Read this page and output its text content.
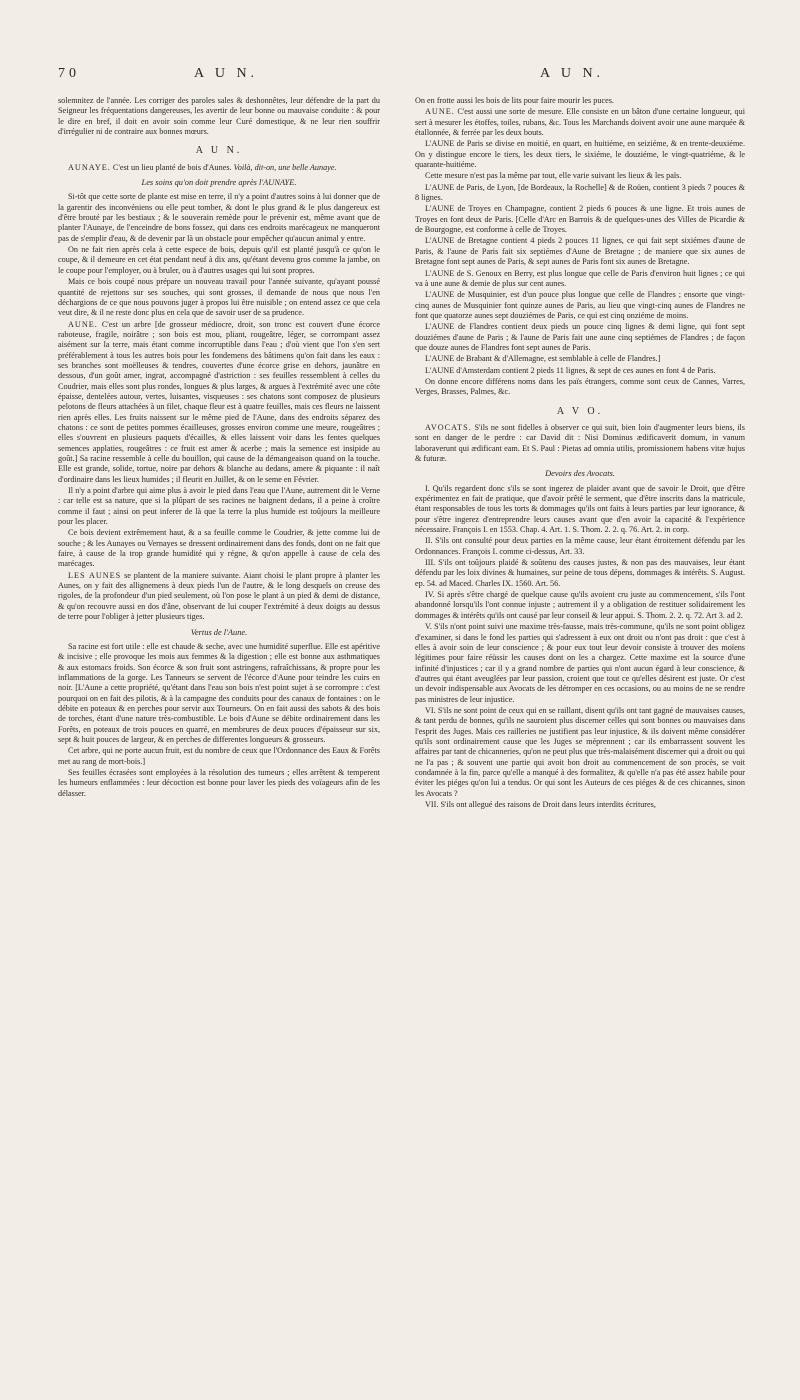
70	A U N.	A U N.

solemnitez de l'année. Les corriger des paroles sales & deshonnêtes, leur défendre de la part du Seigneur les fréquentations dangereuses, les avertir de leur bonne ou mauvaise conduite : & pour le dire en bref, il doit en avoir soin comme leur Curé domestique, & ne leur rien souffrir d'irrégulier ni de contraire aux bonnes mœurs.

A U N.

AUNAYE. C'est un lieu planté de bois d'Aunes. Voilà, dit-on, une belle Aunaye.

Les soins qu'on doit prendre après l'AUNAYE.

Si-tôt que cette sorte de plante est mise en terre, il n'y a point d'autres soins à lui donner que de la garentir des inconvéniens ou elle peut tomber, & dont le plus grand & le plus dangereux est d'être brouté par les bestiaux ; & le souverain remède pour le prévenir est, même avant que de planter l'Aunaye, de l'enceindre de bons fossez, qui dans ces endroits marécageux ne manqueront pas de s'emplir d'eau, & de devenir par là un obstacle pour empêcher qu'aucun animal y entre.

On ne fait rien après cela à cette espece de bois, depuis qu'il est planté jusqu'à ce qu'on le coupe, & il demeure en cet état pendant neuf à dix ans, qu'étant devenu gros comme la jambe, on le coupe pour l'employer, ou à bruler, ou à d'autres usages qui lui sont propres.

Mais ce bois coupé nous prépare un nouveau travail pour l'année suivante, qu'ayant poussé quantité de rejettons sur ses souches, qui sont grosses, il demande de nous que nous l'en déchargions de ce que nous pouvons juger à propos lui être nuisible ; on entend assez ce que cela veut dire, & il ne reste donc plus en cela que de savoir user de sa prudence.

AUNE. C'est un arbre [de grosseur médiocre, droit, son tronc est couvert d'une écorce raboteuse, fragile, noirâtre ; son bois est mou, pliant, rougeâtre, léger, se corrompant assez aisément sur la terre, mais étant comme incorruptible dans l'eau ; d'où vient que l'on s'en sert préférablement à tous les autres bois pour les fondemens des bâtimens qu'on fait dans les eaux : ses branches sont moëlleuses & tendres, couvertes d'une écorce grise en dehors, jaunâtre en dessous, d'un goût amer, ingrat, accompagné d'astriction : ses feuilles ressemblent à celles du Coudrier, mais elles sont plus rondes, longues & plus larges, & argues à l'extrémité avec une côte épaisse, dentelées autour, vertes, luisantes, visqueuses : ses chatons sont composez de plusieurs pelotons de fleurs attachées à un filet, chaque fleur est à quatre feuilles, mais ces fleurs ne laissent rien après elles. Les fruits naissent sur le même pied de l'Aune, dans des endroits séparez des chatons : ce sont de petites pommes écailleuses, grosses environ comme une meure, rougeâtres ; elles s'ouvrent en plusieurs paquets d'écailles, & elles laissent voir dans les fentes quelques semences applaties, rougeâtres : ce fruit est amer & acerbe ; mais la semence est insipide au goût.] Sa racine ressemble à celle du bouillon, qui cause de la démangeaison quand on la touche. Elle est grande, solide, tortue, noire par dehors & blanche au dedans, amere & piquante : il naît d'ordinaire dans les lieux humides ; il fleurit en Juillet, & on le seme en Février.

Il n'y a point d'arbre qui aime plus à avoir le pied dans l'eau que l'Aune, autrement dit le Verne : car telle est sa nature, que si la plûpart de ses racines ne baignent dedans, il a peine à croître comme il faut ; ainsi on peut inferer de là que la terre la plus humide est toûjours la meilleure pour les placer.

Ce bois devient extrêmement haut, & a sa feuille comme le Coudrier, & jette comme lui de souche ; & les Aunayes ou Vernayes se dressent ordinairement dans des fonds, dont on ne fait que faire, à cause de la trop grande humidité qui y régne, & qu'on appelle à cause de cela des marécages.

LES AUNES se plantent de la maniere suivante. Aiant choisi le plant propre à planter les Aunes, on y fait des allignemens à deux pieds l'un de l'autre, & le long desquels on creuse des rigoles, de la profondeur d'un pied seulement, où l'on pose le plant à un pied & demi de distance, & qu'on recouvre aussi en dos d'âne, observant de lui couper l'extrémité à deux doigts au dessus de terre pour l'obliger à jetter plusieurs tiges.

Vertus de l'Aune.

Sa racine est fort utile : elle est chaude & seche, avec une humidité superflue. Elle est apéritive & incisive ; elle provoque les mois aux femmes & la digestion ; elle est bonne aux asthmatiques & aux estomacs froids. Son écorce & son fruit sont astringens, rafraîchissans, & propre pour les inflammations de la gorge. Les Tanneurs se servent de l'écorce d'Aune pour teindre les cuirs en noir. [L'Aune a cette propriété, qu'étant dans l'eau son bois n'est point sujet à se corrompre : c'est pourquoi on en fait des pilotis, & à la campagne des conduits pour des canaux de fontaines : on le débite en poteaux & en perches pour servir aux Tourneurs. On en fait aussi des sabots & des bois de torches, étant d'une nature très-combustible. Le bois d'Aune se débite ordinairement dans les Forêts, en poteaux de trois pouces en quarré, en membrures de deux pouces d'épaisseur sur six, sept & huit pouces de largeur, & en perches de differentes longueurs & grosseurs.

Cet arbre, qui ne porte aucun fruit, est du nombre de ceux que l'Ordonnance des Eaux & Forêts met au rang de mort-bois.]

Ses feuilles écrasées sont employées à la résolution des tumeurs ; elles arrêtent & temperent les humeurs enflammées : leur décoction est bonne pour laver les pieds des voïageurs afin de les délasser.

On en frotte aussi les bois de lits pour faire mourir les puces.

AUNE. C'est aussi une sorte de mesure. Elle consiste en un bâton d'une certaine longueur, qui sert à mesurer les étoffes, toiles, rubans, &c. Tous les Marchands doivent avoir une aune marquée & étallonnée, & ferrée par les deux bouts.

L'AUNE de Paris se divise en moitié, en quart, en huitiéme, en seiziéme, & en trente-deuxiéme. On y distingue encore le tiers, les deux tiers, le sixiéme, le douziéme, le vingt-quatriéme, & le quarante-huitiéme.

Cette mesure n'est pas la même par tout, elle varie suivant les lieux & les païs.

L'AUNE de Paris, de Lyon, [de Bordeaux, la Rochelle] & de Roüen, contient 3 pieds 7 pouces & 8 lignes.

L'AUNE de Troyes en Champagne, contient 2 pieds 6 pouces & une ligne. Et trois aunes de Troyes en font deux de Paris. [Celle d'Arc en Barrois & de quelques-unes des Villes de Picardie & de Bourgogne, est conforme à celle de Troyes.

L'AUNE de Bretagne contient 4 pieds 2 pouces 11 lignes, ce qui fait sept sixiémes d'aune de Paris, & l'aune de Paris fait six septiémes d'Aune de Bretagne ; de maniere que six aunes de Bretagne font sept aunes de Paris, & sept aunes de Paris font six aunes de Bretagne.

L'AUNE de S. Genoux en Berry, est plus longue que celle de Paris d'environ huit lignes ; ce qui va à une aune & demie de plus sur cent aunes.

L'AUNE de Musquinier, est d'un pouce plus longue que celle de Flandres ; ensorte que vingt-cinq aunes de Musquinier font quinze aunes de Paris, au lieu que vingt-cinq aunes de Flandres ne font que quatorze aunes sept douziémes de Paris, ce qui est cinq onziéme de moins.

L'AUNE de Flandres contient deux pieds un pouce cinq lignes & demi ligne, qui font sept douziémes d'aune de Paris ; & l'aune de Paris fait une aune cinq septiémes de Flandres ; de façon que douze aunes de Flandres font sept aunes de Paris.

L'AUNE de Brabant & d'Allemagne, est semblable à celle de Flandres.]

L'AUNE d'Amsterdam contient 2 pieds 11 lignes, & sept de ces aunes en font 4 de Paris.

On donne encore différens noms dans les païs étrangers, comme sont ceux de Cannes, Varres, Verges, Brasses, Palmes, &c.

A V O.

AVOCATS. S'ils ne sont fidelles à observer ce qui suit, bien loin d'augmenter leurs biens, ils sont en danger de le perdre : car David dit : Nisi Dominus ædificaverit domum, in vanum laboraverunt qui ædificant eam. Et S. Paul : Pietas ad omnia utilis, promissionem habens vitæ hujus & futuræ.

Devoirs des Avocats.

I. Qu'ils regardent donc s'ils se sont ingerez de plaider avant que de savoir le Droit, que d'être expérimentez en fait de pratique, que d'avoir prêté le serment, que d'être inscrits dans la matricule, étant responsables de tous les torts & dommages qu'ils ont faits à leurs parties par leur ignorance, & pour s'être ingerez d'entreprendre leurs causes avant que d'en avoir la capacité & l'expérience nécessaire. François I. en 1553. Chap. 4. Art. 1. S. Thom. 2. 2. q. 76. Art. 2. in corp.

II. S'ils ont consulté pour deux parties en la même cause, leur étant étroitement défendu par les Ordonnances. François I. comme ci-dessus, Art. 33.

III. S'ils ont toûjours plaidé & soûtenu des causes justes, & non pas des mauvaises, leur étant défendu par les loix divines & humaines, sur peine de tous dépens, dommages & intérêts. S. August. ep. 54. ad Maced. Charles IX. 1560. Art. 56.

IV. Si après s'être chargé de quelque cause qu'ils avoient cru juste au commencement, s'ils l'ont abandonné lorsqu'ils l'ont connue injuste ; autrement il y a obligation de restituer solidairement les dommages & intérêts qu'ils ont causé par leur conseil & leur appui. S. Thom. 2. 2. q. 72. Art 3. ad 2.

V. S'ils n'ont point suivi une maxime très-fausse, mais très-commune, qu'ils ne sont point obligez d'examiner, si dans le fond les parties qui s'adressent à eux ont droit ou n'ont pas droit : que c'est à elles à avoir soin de leur conscience ; & pour eux tout leur devoir consiste à trouver des moïens légitimes pour faire réüssir les causes dont on les a chargez. Cette maxime est la source d'une infinité d'injustices ; car il y a grand nombre de parties qui n'ont aucun égard à leur conscience, & d'autres qui étant aveuglées par leur passion, croient que tout ce qu'elles désirent est juste. Or c'est un devoir indispensable aux Avocats de les détromper en ces occasions, ou au moins de ne se rendre pas ministres de leur injustice.

VI. S'ils ne sont point de ceux qui en se raillant, disent qu'ils ont tant gagné de mauvaises causes, & tant perdu de bonnes, qu'ils ne sauroient plus discerner celles qui sont bonnes ou mauvaises dans l'esprit des Juges. Mais ces railleries ne justifient pas leur injustice, & ils doivent même considérer qu'ils sont ordinairement cause que les Juges se méprennent ; car ils embarrassent souvent les affaires par tant de chicanneries, qu'on ne peut plus que très-malaisément discerner qui a droit ou qui ne l'a pas ; & souvent une partie qui avoit bon droit au commencement de son procès, se voit condamnée à la fin, parce qu'elle a manqué à des formalitez, & qu'elle n'a pas été assez habile pour éviter les piéges qu'on lui a tendus. Or qui sont les Auteurs de ces piéges & de ces chicannes, sinon les Avocats ?

VII. S'ils ont allegué des raisons de Droit dans leurs interdits écritures,
